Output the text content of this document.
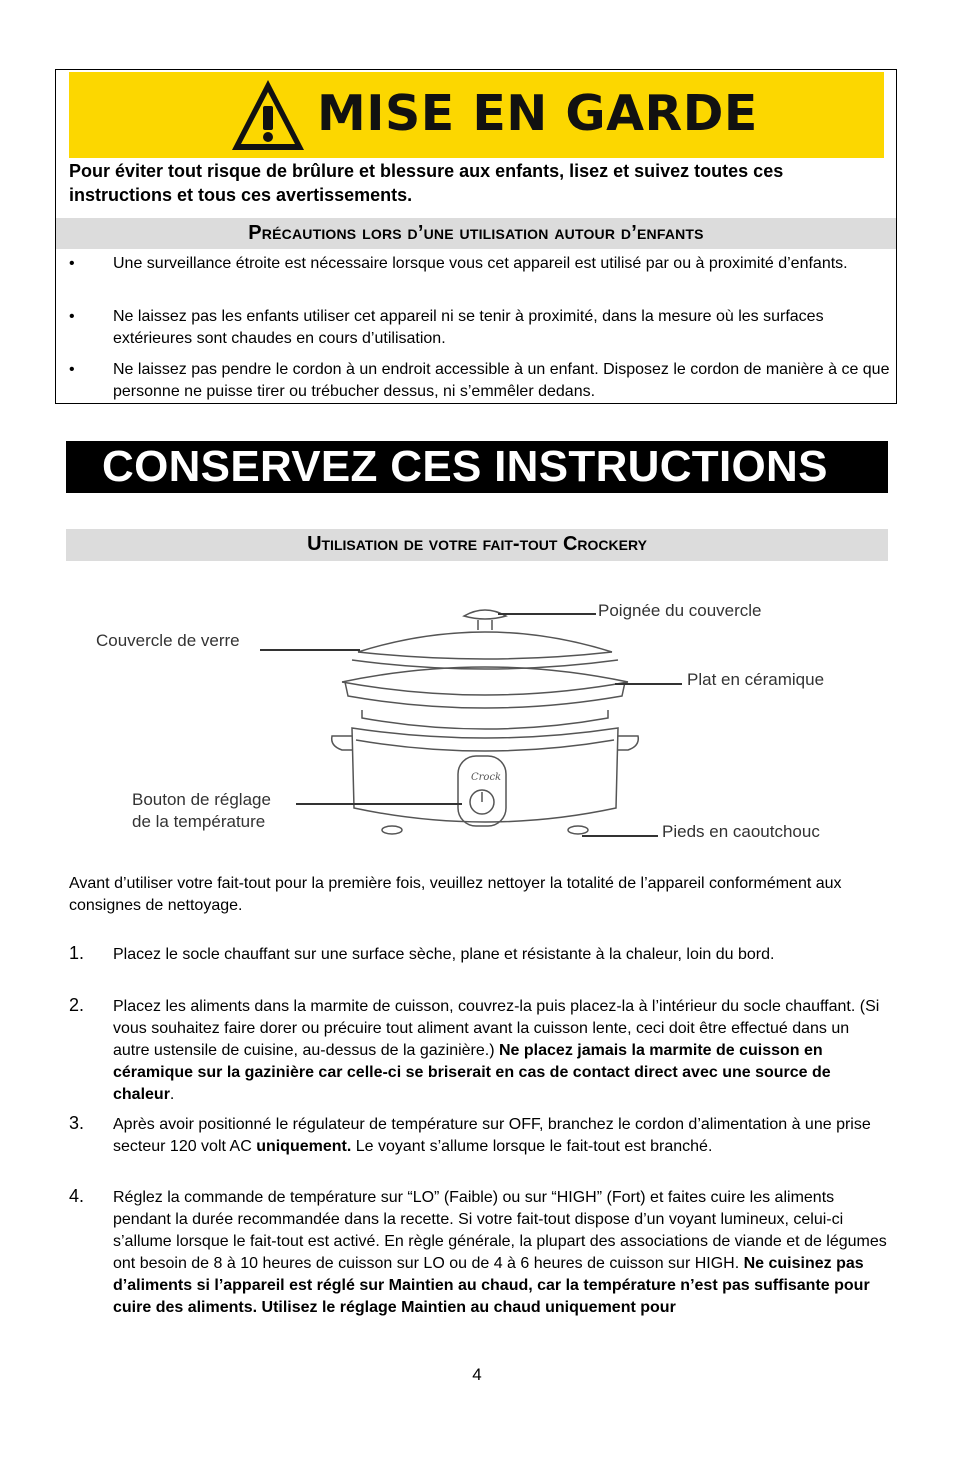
MISE EN GARDE
Pour éviter tout risque de brûlure et blessure aux enfants, lisez et suivez toutes ces instructions et tous ces avertissements.
Précautions lors d’une utilisation autour d’enfants
• Une surveillance étroite est nécessaire lorsque vous cet appareil est utilisé par ou à proximité d’enfants.
• Ne laissez pas les enfants utiliser cet appareil ni se tenir à proximité, dans la mesure où les surfaces extérieures sont chaudes en cours d’utilisation.
• Ne laissez pas pendre le cordon à un endroit accessible à un enfant. Disposez le cordon de manière à ce que personne ne puisse tirer ou trébucher dessus, ni s’emmêler dedans.
CONSERVEZ CES INSTRUCTIONS
Utilisation de votre fait-tout Crockery
Crock
Poignée du couvercle
Couvercle de verre
Plat en céramique
Bouton de réglage
de la température
Pieds en caoutchouc
Avant d’utiliser votre fait-tout pour la première fois, veuillez nettoyer la totalité de l’appareil conformément aux consignes de nettoyage.
1. Placez le socle chauffant sur une surface sèche, plane et résistante à la chaleur, loin du bord.
2. Placez les aliments dans la marmite de cuisson, couvrez-la puis placez-la à l’intérieur du socle chauffant. (Si vous souhaitez faire dorer ou précuire tout aliment avant la cuisson lente, ceci doit être effectué dans un autre ustensile de cuisine, au-dessus de la gazinière.) Ne placez jamais la marmite de cuisson en céramique sur la gazinière car celle-ci se briserait en cas de contact direct avec une source de chaleur.
3. Après avoir positionné le régulateur de température sur OFF, branchez le cordon d’alimentation à une prise secteur 120 volt AC uniquement. Le voyant s’allume lorsque le fait-tout est branché.
4. Réglez la commande de température sur “LO” (Faible) ou sur “HIGH” (Fort) et faites cuire les aliments pendant la durée recommandée dans la recette. Si votre fait-tout dispose d’un voyant lumineux, celui-ci s’allume lorsque le fait-tout est activé. En règle générale, la plupart des associations de viande et de légumes ont besoin de 8 à 10 heures de cuisson sur LO ou de 4 à 6 heures de cuisson sur HIGH. Ne cuisinez pas d’aliments si l’appareil est réglé sur Maintien au chaud, car la température n’est pas suffisante pour cuire des aliments. Utilisez le réglage Maintien au chaud uniquement pour
4
